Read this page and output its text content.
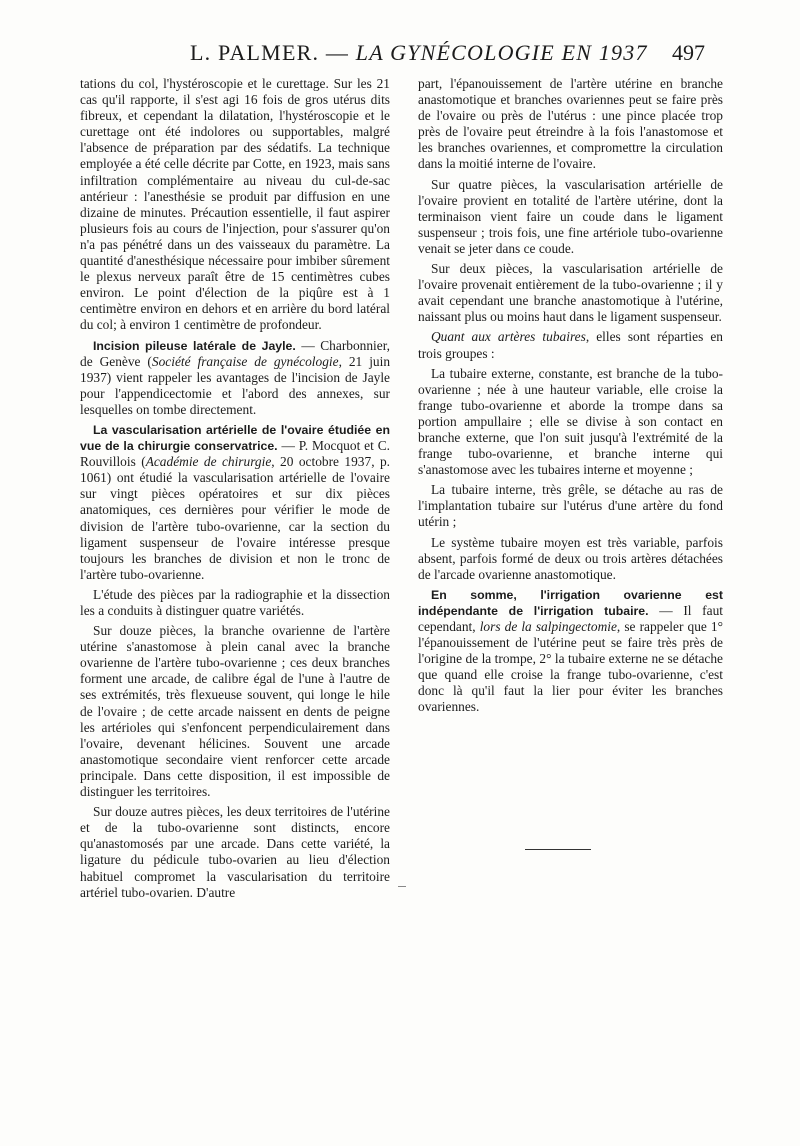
L. PALMER. — LA GYNÉCOLOGIE EN 1937 497

tations du col, l'hystéroscopie et le curettage. Sur les 21 cas qu'il rapporte, il s'est agi 16 fois de gros utérus dits fibreux, et cependant la dilatation, l'hystéroscopie et le curettage ont été indolores ou supportables, malgré l'absence de préparation par des sédatifs. La technique employée a été celle décrite par Cotte, en 1923, mais sans infiltration complémentaire au niveau du cul-de-sac antérieur : l'anesthésie se produit par diffusion en une dizaine de minutes. Précaution essentielle, il faut aspirer plusieurs fois au cours de l'injection, pour s'assurer qu'on n'a pas pénétré dans un des vaisseaux du paramètre. La quantité d'anesthésique nécessaire pour imbiber sûrement le plexus nerveux paraît être de 15 centimètres cubes environ. Le point d'élection de la piqûre est à 1 centimètre environ en dehors et en arrière du bord latéral du col; à environ 1 centimètre de profondeur.

Incision pileuse latérale de Jayle. — Charbonnier, de Genève (Société française de gynécologie, 21 juin 1937) vient rappeler les avantages de l'incision de Jayle pour l'appendicectomie et l'abord des annexes, sur lesquelles on tombe directement.

La vascularisation artérielle de l'ovaire étudiée en vue de la chirurgie conservatrice. — P. Mocquot et C. Rouvillois (Académie de chirurgie, 20 octobre 1937, p. 1061) ont étudié la vascularisation artérielle de l'ovaire sur vingt pièces opératoires et sur dix pièces anatomiques, ces dernières pour vérifier le mode de division de l'artère tubo-ovarienne, car la section du ligament suspenseur de l'ovaire intéresse presque toujours les branches de division et non le tronc de l'artère tubo-ovarienne.

L'étude des pièces par la radiographie et la dissection les a conduits à distinguer quatre variétés.

Sur douze pièces, la branche ovarienne de l'artère utérine s'anastomose à plein canal avec la branche ovarienne de l'artère tubo-ovarienne ; ces deux branches forment une arcade, de calibre égal de l'une à l'autre de ses extrémités, très flexueuse souvent, qui longe le hile de l'ovaire ; de cette arcade naissent en dents de peigne les artérioles qui s'enfoncent perpendiculairement dans l'ovaire, devenant hélicines. Souvent une arcade anastomotique secondaire vient renforcer cette arcade principale. Dans cette disposition, il est impossible de distinguer les territoires.

Sur douze autres pièces, les deux territoires de l'utérine et de la tubo-ovarienne sont distincts, encore qu'anastomosés par une arcade. Dans cette variété, la ligature du pédicule tubo-ovarien au lieu d'élection habituel compromet la vascularisation du territoire artériel tubo-ovarien. D'autre

part, l'épanouissement de l'artère utérine en branche anastomotique et branches ovariennes peut se faire près de l'ovaire ou près de l'utérus : une pince placée trop près de l'ovaire peut étreindre à la fois l'anastomose et les branches ovariennes, et compromettre la circulation dans la moitié interne de l'ovaire.

Sur quatre pièces, la vascularisation artérielle de l'ovaire provient en totalité de l'artère utérine, dont la terminaison vient faire un coude dans le ligament suspenseur ; trois fois, une fine artériole tubo-ovarienne venait se jeter dans ce coude.

Sur deux pièces, la vascularisation artérielle de l'ovaire provenait entièrement de la tubo-ovarienne ; il y avait cependant une branche anastomotique à l'utérine, naissant plus ou moins haut dans le ligament suspenseur.

Quant aux artères tubaires, elles sont réparties en trois groupes :

La tubaire externe, constante, est branche de la tubo-ovarienne ; née à une hauteur variable, elle croise la frange tubo-ovarienne et aborde la trompe dans sa portion ampullaire ; elle se divise à son contact en branche externe, que l'on suit jusqu'à l'extrémité de la frange tubo-ovarienne, et branche interne qui s'anastomose avec les tubaires interne et moyenne ;

La tubaire interne, très grêle, se détache au ras de l'implantation tubaire sur l'utérus d'une artère du fond utérin ;

Le système tubaire moyen est très variable, parfois absent, parfois formé de deux ou trois artères détachées de l'arcade ovarienne anastomotique.

En somme, l'irrigation ovarienne est indépendante de l'irrigation tubaire. — Il faut cependant, lors de la salpingectomie, se rappeler que 1° l'épanouissement de l'utérine peut se faire très près de l'origine de la trompe, 2° la tubaire externe ne se détache que quand elle croise la frange tubo-ovarienne, c'est donc là qu'il faut la lier pour éviter les branches ovariennes.
